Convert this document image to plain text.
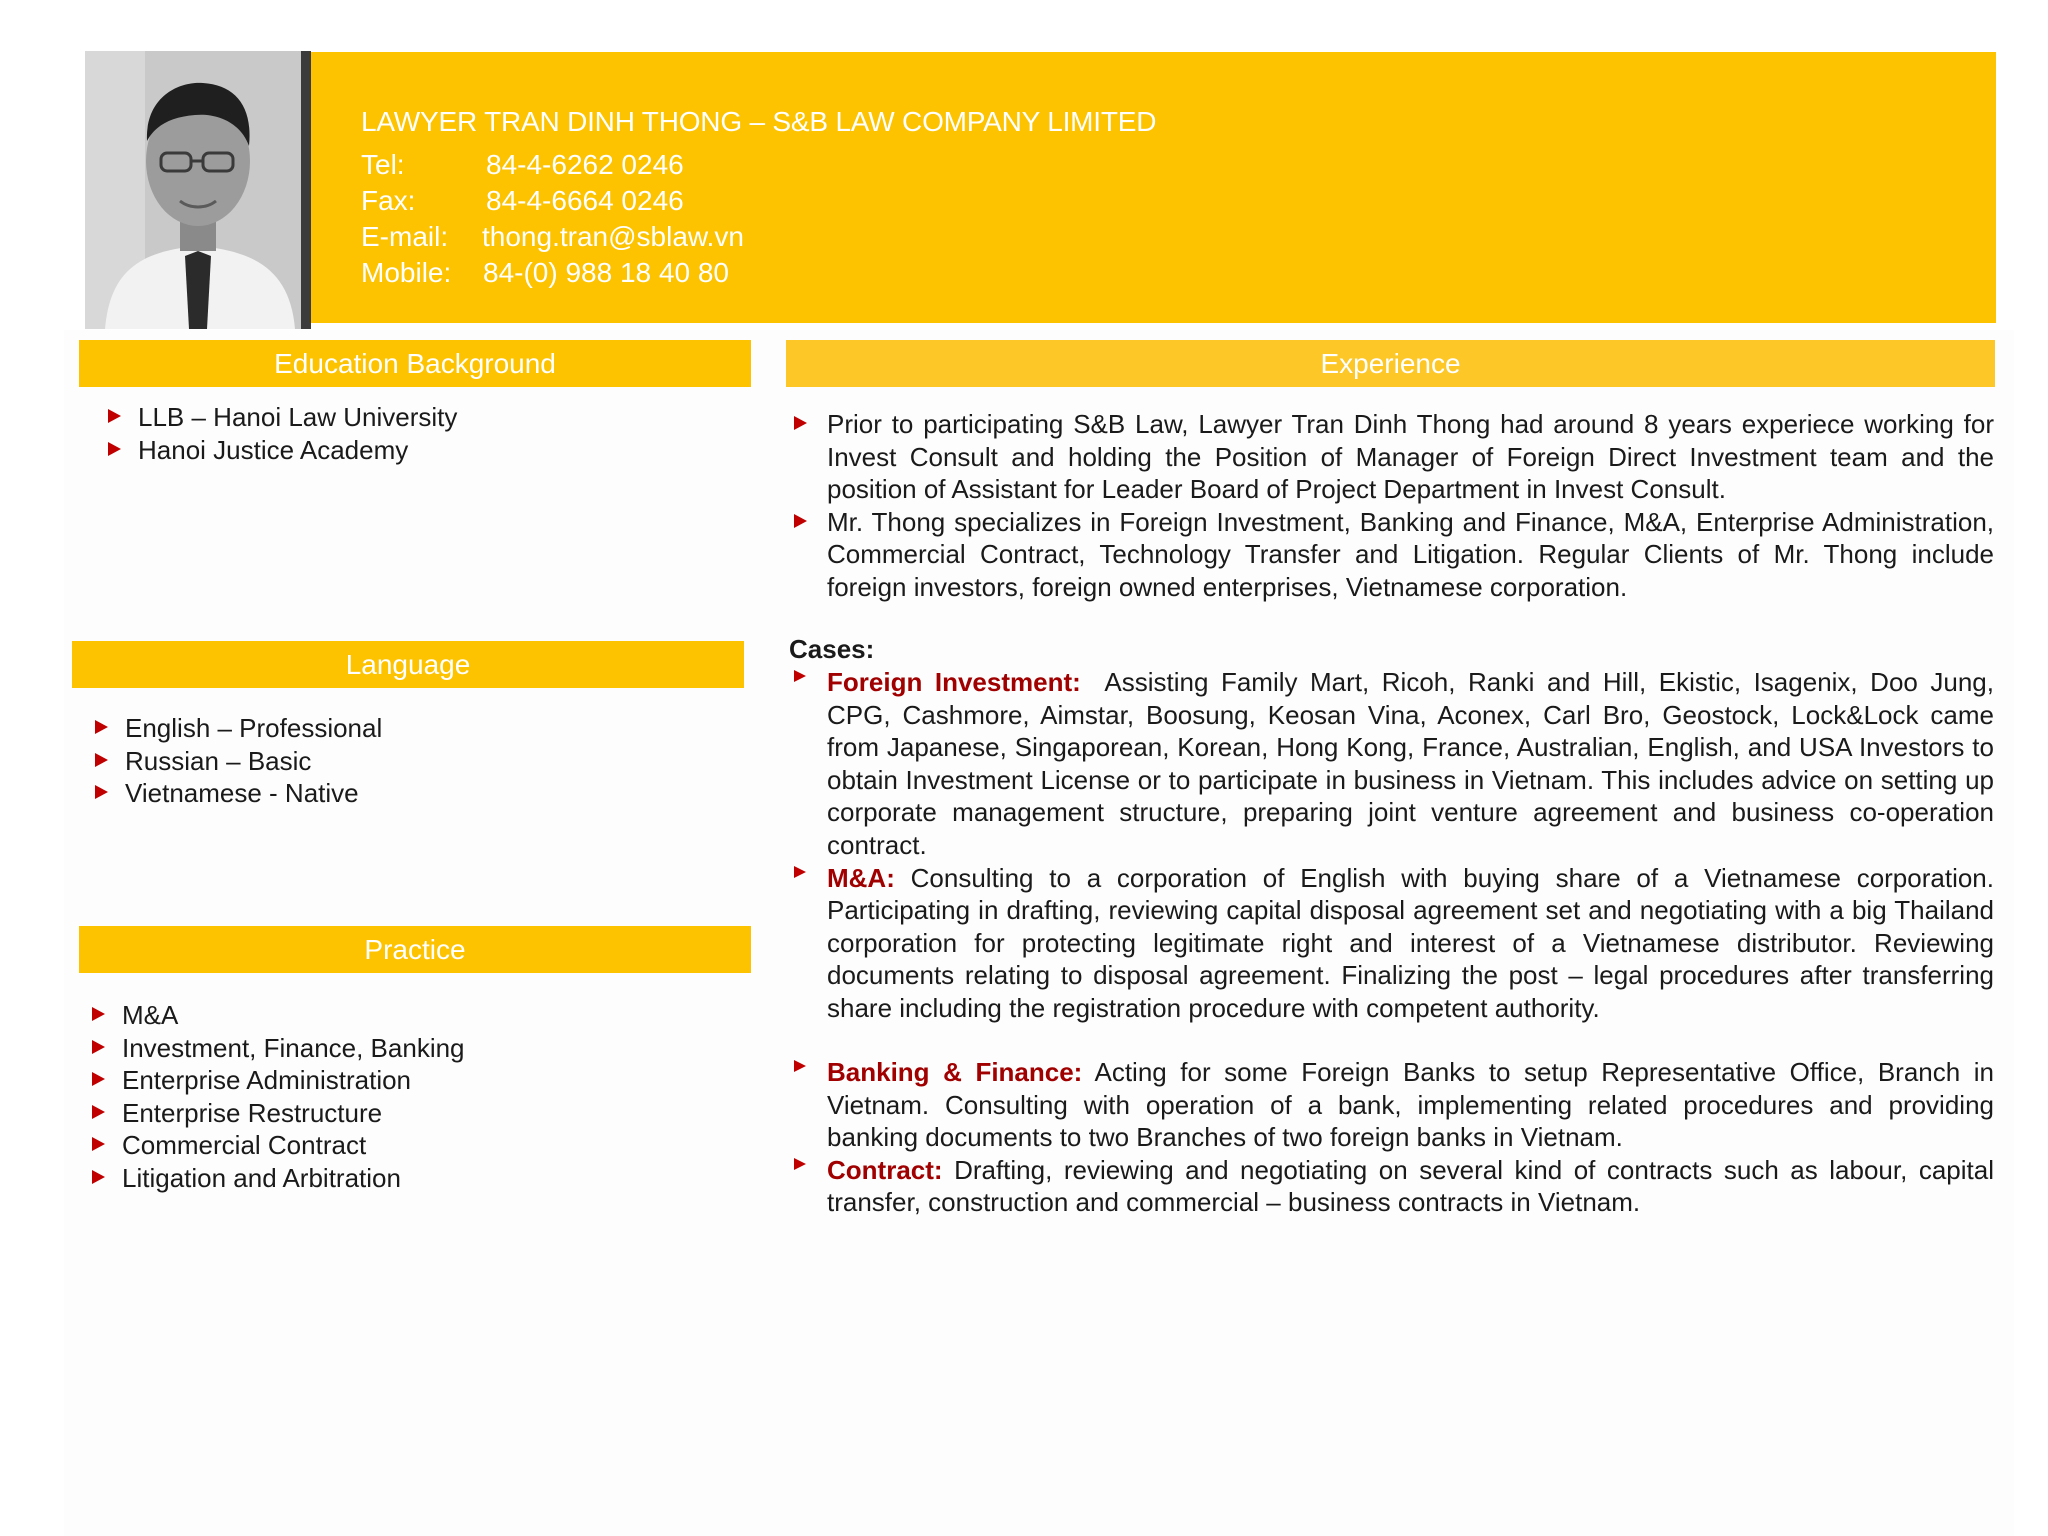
LAWYER TRAN DINH THONG – S&B LAW COMPANY LIMITED
Tel:	84-4-6262 0246
Fax:	84-4-6664 0246
E-mail:	thong.tran@sblaw.vn
Mobile:	84-(0) 988 18 40 80
Education Background
LLB – Hanoi Law University
Hanoi Justice Academy
Language
English – Professional
Russian – Basic
Vietnamese - Native
Practice
M&A
Investment, Finance, Banking
Enterprise Administration
Enterprise Restructure
Commercial Contract
Litigation and Arbitration
Experience
Prior to participating S&B Law, Lawyer Tran Dinh Thong had around 8 years experiece working for Invest Consult and holding the Position of Manager of Foreign Direct Investment team and the position of Assistant for Leader Board of Project Department in Invest Consult.
Mr. Thong specializes in Foreign Investment, Banking and Finance, M&A, Enterprise Administration, Commercial Contract, Technology Transfer and Litigation. Regular Clients of Mr. Thong include foreign investors, foreign owned enterprises, Vietnamese corporation.
Cases:
Foreign Investment:  Assisting Family Mart, Ricoh, Ranki and Hill, Ekistic, Isagenix, Doo Jung, CPG, Cashmore, Aimstar, Boosung, Keosan Vina, Aconex, Carl Bro, Geostock, Lock&Lock came from Japanese, Singaporean, Korean, Hong Kong, France, Australian, English, and USA Investors to obtain Investment License or to participate in business in Vietnam. This includes advice on setting up corporate management structure, preparing joint venture agreement and business co-operation contract.
M&A: Consulting to a corporation of English with buying share of a Vietnamese corporation. Participating in drafting, reviewing capital disposal agreement set and negotiating with a big Thailand corporation for protecting legitimate right and interest of a Vietnamese distributor. Reviewing documents relating to disposal agreement. Finalizing the post – legal procedures after transferring share including the registration procedure with competent authority.
Banking & Finance: Acting for some Foreign Banks to setup Representative Office, Branch in Vietnam. Consulting with operation of a bank, implementing related procedures and providing banking documents to two Branches of two foreign banks in Vietnam.
Contract: Drafting, reviewing and negotiating on several kind of contracts such as labour, capital transfer, construction and commercial – business contracts in Vietnam.
